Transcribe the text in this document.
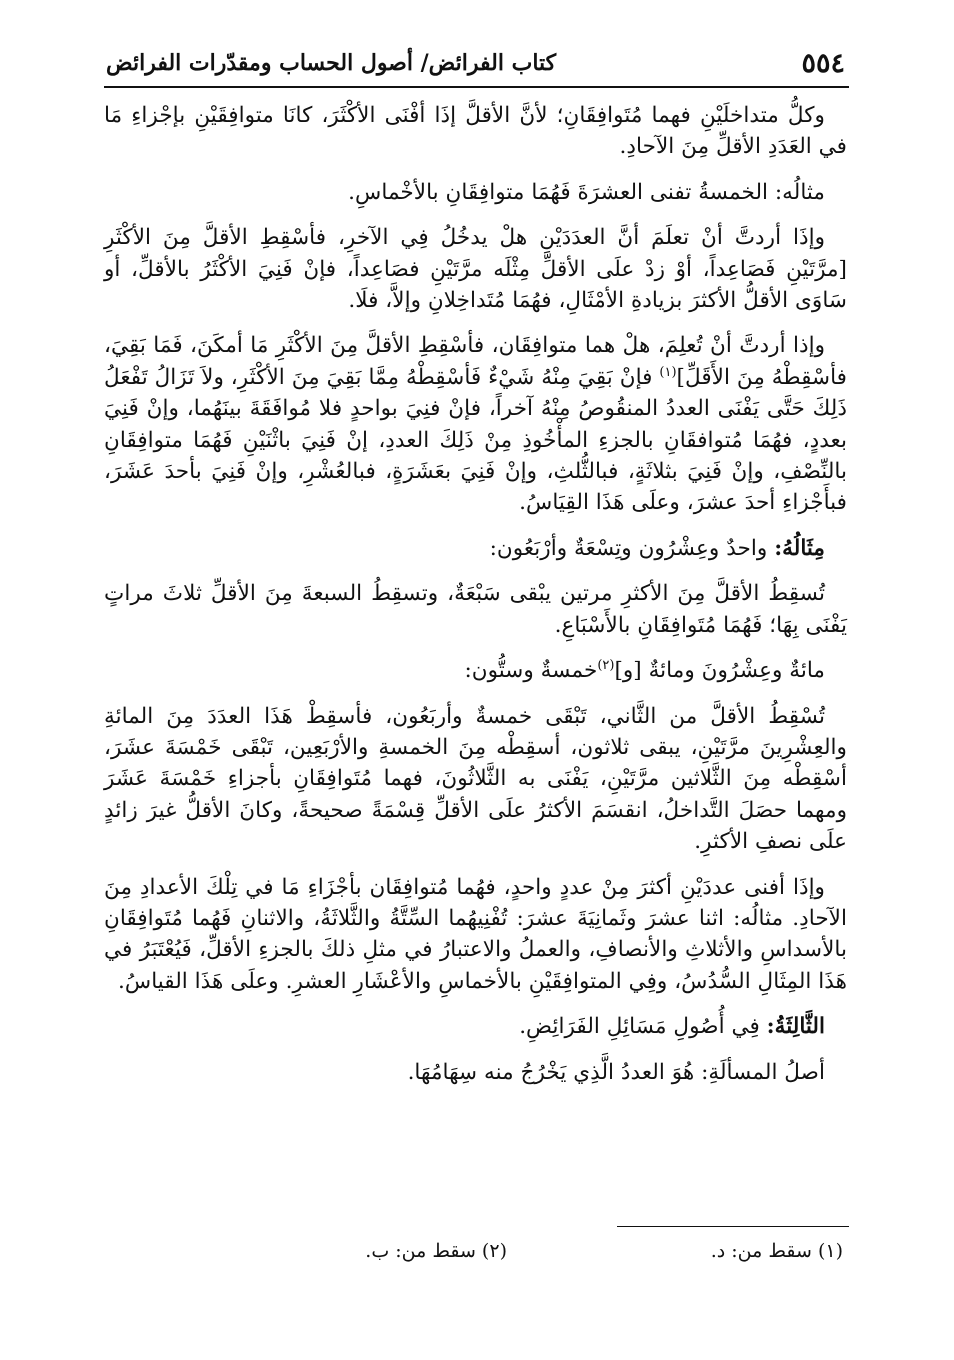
٥٥٤
كتاب الفرائض/ أصول الحساب ومقدّرات الفرائض

وكلُّ متداخلَيْنِ فهما مُتَوافِقَانِ؛ لأنَّ الأقلَّ إذَا أفْنَى الأكْثَرَ، كانَا متوافِقَيْنِ بإجْزاءِ مَا في العَدَدِ الأقلِّ مِنَ الآحادِ.

مثالُه: الخمسةُ تفنى العشرَةَ فَهُمَا متوافِقَانِ بالأخْماسِ.

وإذَا أردتَّ أنْ تعلَمَ أنَّ العدَدَيْنِ هلْ يدخُلُ فِي الآخرِ، فأسْقِطِ الأقلَّ مِنَ الأكْثَرِ [مرَّتَيْنِ فَصَاعِداً، أوْ زدْ علَى الأقلِّ مِثْلَه مرَّتَيْنِ فصَاعِداً، فإنْ فَنِيَ الأكْثَرُ بالأقلِّ، أو سَاوَى الأقلُّ الأكثرَ بزيادةِ الأمْثَالِ، فهُمَا مُتَداخِلانِ وإلاَّ، فلَا.

وإذا أردتَّ أنْ تُعلِمَ، هلْ هما متوافِقَان، فأسْقِطِ الأقلَّ مِنَ الأكْثَرِ مَا أمكَنَ، فَمَا بَقِيَ، فأسْقِطْهُ مِنَ الأَقَلِّ]$^{(١)}$ فإنْ بَقِيَ مِنْهُ شَيْءٌ فَأسْقِطْهُ مِمَّا بَقِيَ مِنَ الأكْثَرِ، ولاَ تَزَالُ تَفْعَلُ ذَلِكَ حَتَّى يَفْنَى العددُ المنقُوصُ مِنْهُ آخراً، فإنْ فنِيَ بواحدٍ فلا مُوافَقَةَ بينَهُما، وإنْ فَنِيَ بعددٍ، فهُمَا مُتوافقَانِ بالجزءِ المأْخُوذِ مِنْ ذَلِكَ العددِ، إنْ فَنِيَ باثْنَيْنِ فَهُمَا متوافِقَانِ بالنِّصْفِ، وإنْ فَنِيَ بثلاثَةٍ، فبالثُّلثِ، وإنْ فَنِيَ بعَشَرَةٍ، فبالعُشْرِ، وإنْ فَنِيَ بأحدَ عَشَرَ، فبأَجْزاءِ أحدَ عشرَ، وعلَى هَذَا القِيَاسُ.

مِثَالُهُ: واحدٌ وعِشْرُون وتِسْعَةٌ وأرْبَعُون:

تُسقِطُ الأقلَّ مِنَ الأكثرِ مرتين يبْقى سَبْعَةٌ، وتسقِطُ السبعةَ مِنَ الأقلِّ ثلاثَ مراتٍ يَفْنَى بِهَا؛ فَهُمَا مُتَوافِقَانِ بالأَسْبَاعِ.

مائةٌ وعِشْرُونَ ومائةٌ [و]$^{(٢)}$خمسةٌ وستُّون:

تُسْقِطُ الأقلَّ من الثَّاني، تَبْقَى خمسةٌ وأربَعُون، فأسقِطْ هَذَا العدَدَ مِنَ المائةِ والعِشْرِينَ مرَّتَيْنِ، يبقى ثلاثون، أسقِطْه مِنَ الخمسةِ والأرْبَعِين، تَبْقَى خَمْسَةَ عشَرَ، أسْقِطْه مِنَ الثَّلاثين مرَّتَيْنِ، يَفْنَى به الثَّلاثُونَ، فهما مُتَوافِقَانِ بأجزاءِ خَمْسَةَ عَشَرَ ومهما حصَلَ التَّداخلُ، انقسَمَ الأكثرُ علَى الأقلِّ قِسْمَةً صحيحةً، وكانَ الأقلُّ غيرَ زائدٍ علَى نصفِ الأكثرِ.

وإذَا أفنى عددَيْنِ أكثرَ مِنْ عددٍ واحدٍ، فهُما مُتوافِقَان بأجْزَاءِ مَا في تِلْكَ الأعدادِ مِنَ الآحادِ. مثالُه: اثنا عشرَ وثَمانِيَةَ عشرَ: تُفْنِيهُما السِّتَّةُ والثَّلاثَةُ، والاثنانِ فَهُما مُتَوافِقَانِ بالأسداسِ والأثلاثِ والأنصافِ، والعملُ والاعتبارُ في مثلِ ذلكَ بالجزءِ الأقلِّ، فَيُعْتَبَرُ في هَذَا المِثَالِ السُّدُسُ، وفِي المتوافِقَيْنِ بالأخماسِ والأعْشَارِ العشرِ. وعلَى هَذَا القياسُ.

الثَّالِثَةُ: فِي أُصُولِ مَسَائِلِ الفَرَائِضِ.

أصلُ المسألَةِ: هُوَ العددُ الَّذِي يَخْرُجُ منه سِهَامُهَا.

(١) سقط من: د.
(٢) سقط من: ب.
